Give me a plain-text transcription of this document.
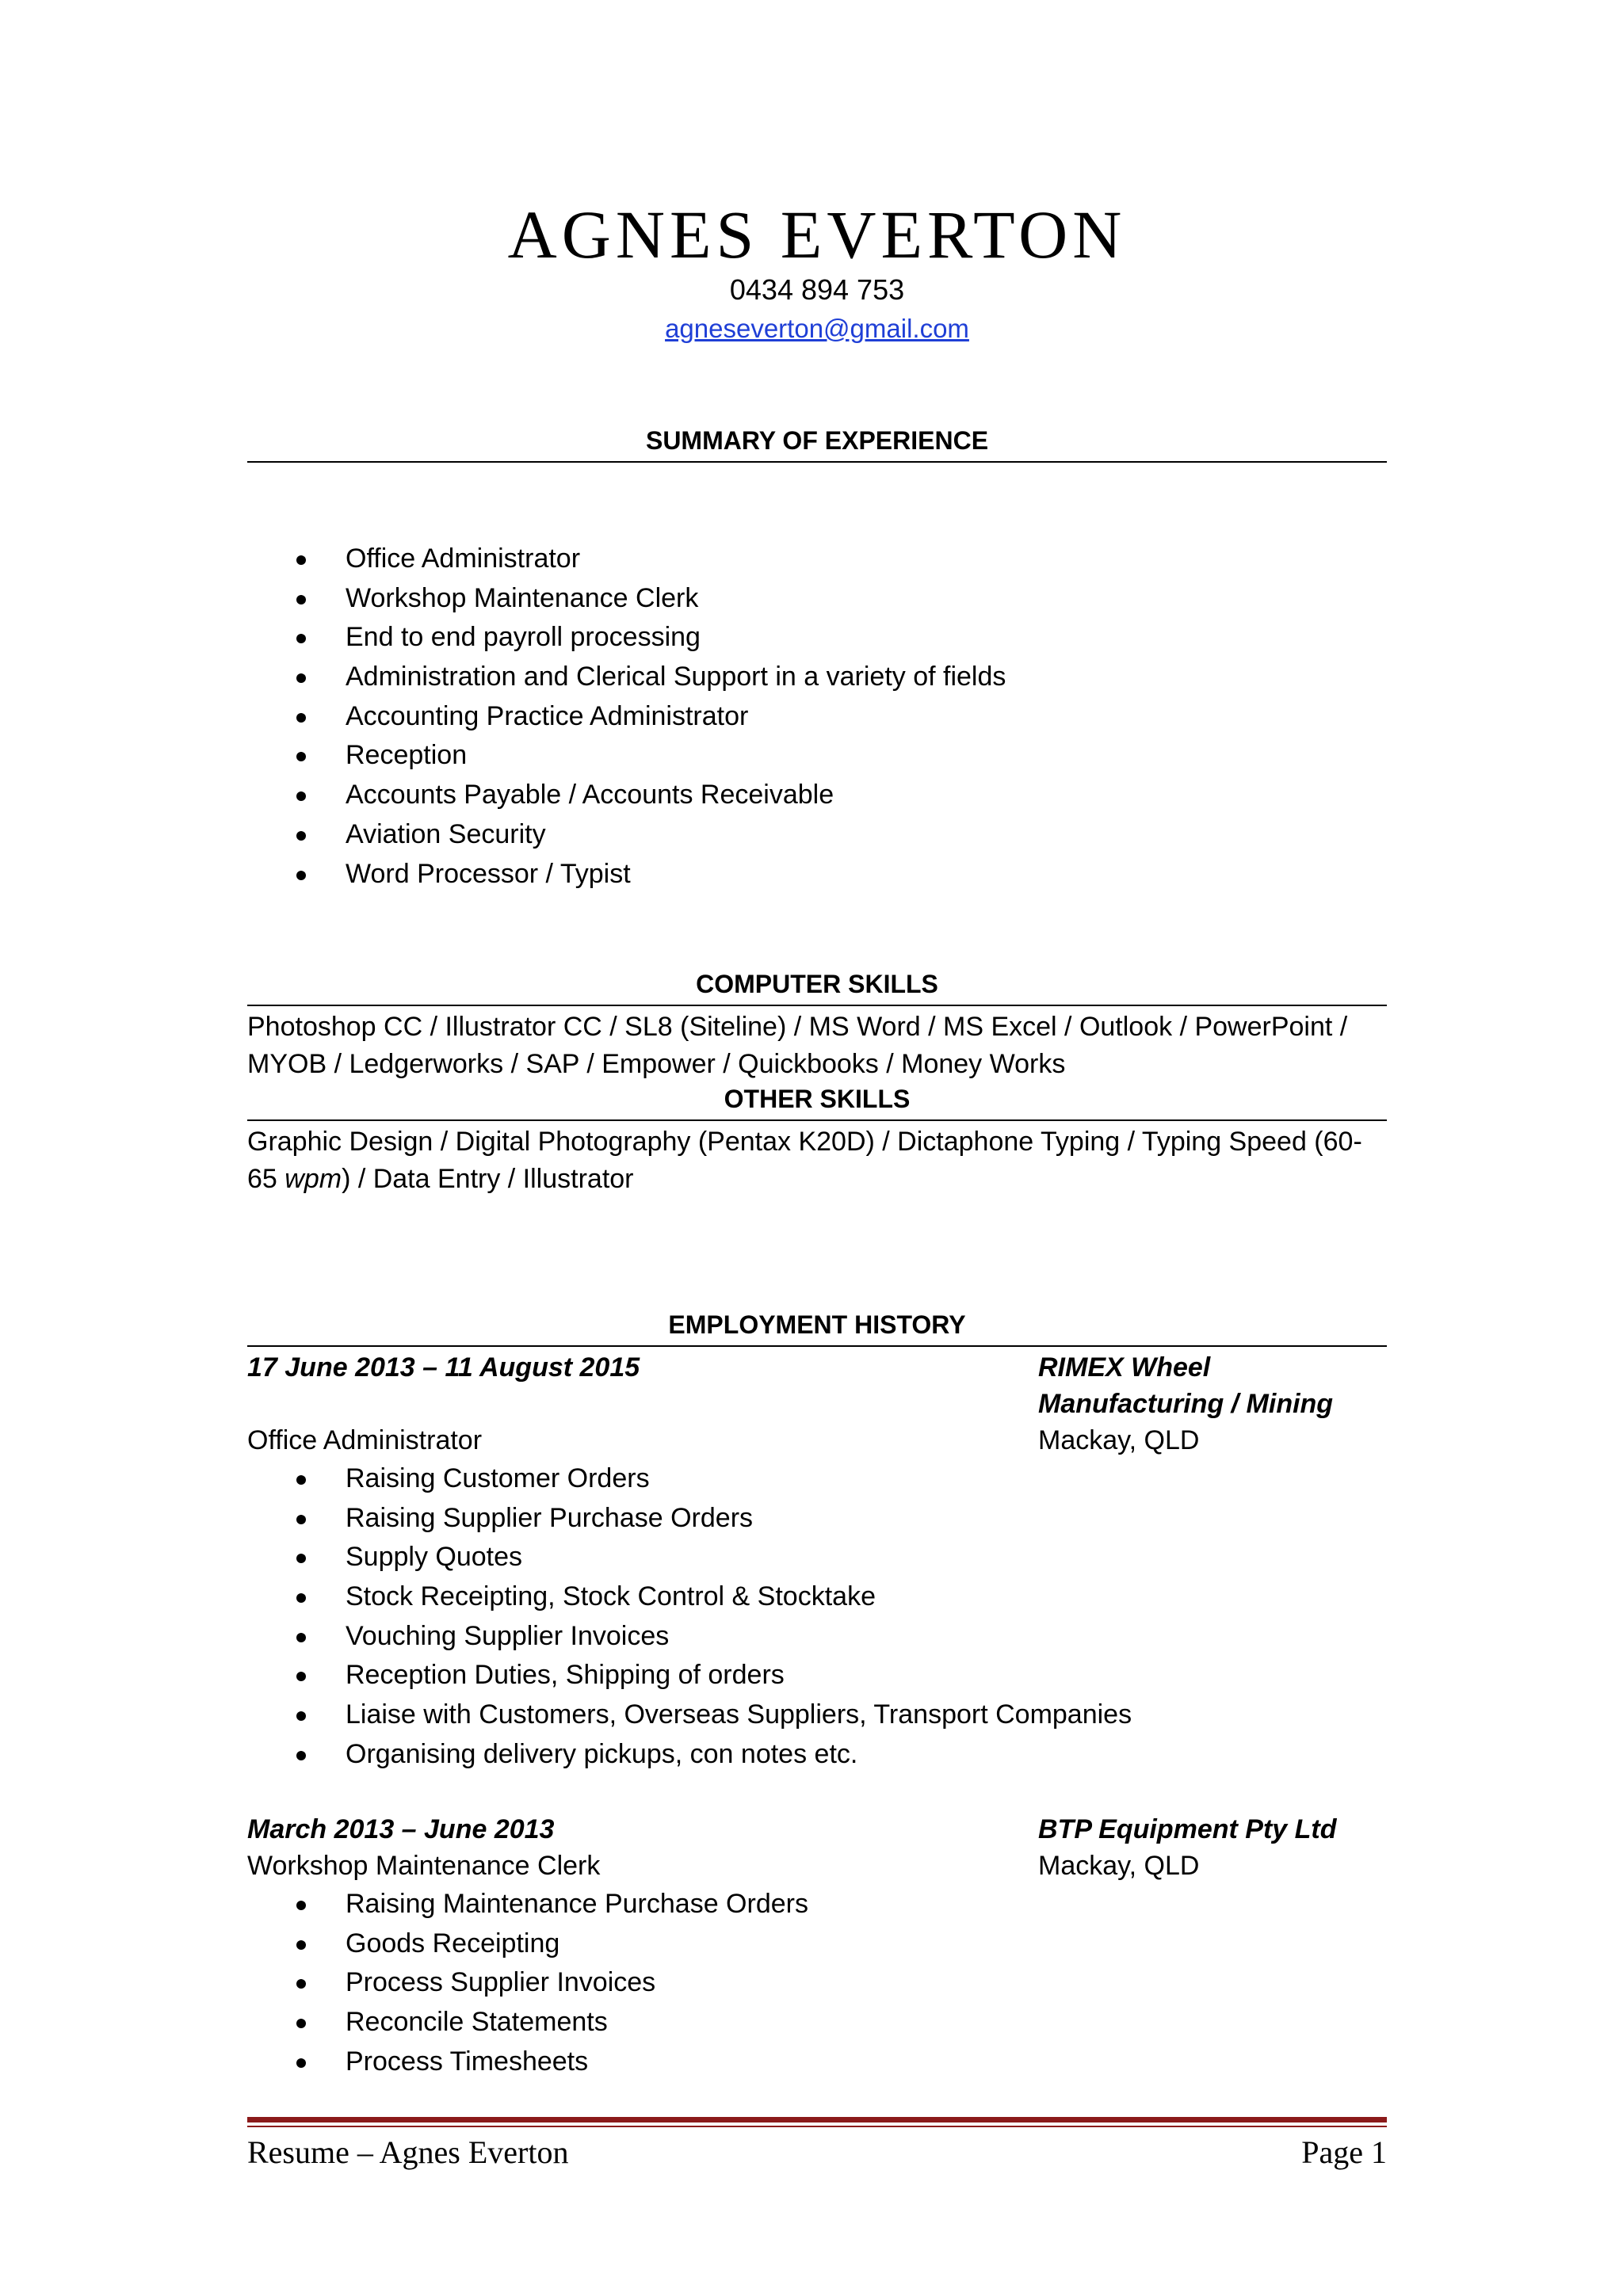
AGNES EVERTON
0434 894 753
agneseverton@gmail.com
SUMMARY OF EXPERIENCE
Office Administrator
Workshop Maintenance Clerk
End to end payroll processing
Administration and Clerical Support in a variety of fields
Accounting Practice Administrator
Reception
Accounts Payable / Accounts Receivable
Aviation Security
Word Processor / Typist
COMPUTER SKILLS
Photoshop CC / Illustrator CC / SL8 (Siteline) / MS Word / MS Excel / Outlook / PowerPoint /
MYOB / Ledgerworks / SAP / Empower / Quickbooks / Money Works
OTHER SKILLS
Graphic Design / Digital Photography (Pentax K20D) / Dictaphone Typing / Typing Speed (60-
65 wpm) / Data Entry / Illustrator
EMPLOYMENT HISTORY
17 June 2013 – 11 August 2015	RIMEX Wheel
Manufacturing / Mining
Office Administrator	Mackay, QLD
Raising Customer Orders
Raising Supplier Purchase Orders
Supply Quotes
Stock Receipting, Stock Control & Stocktake
Vouching Supplier Invoices
Reception Duties, Shipping of orders
Liaise with Customers, Overseas Suppliers, Transport Companies
Organising delivery pickups, con notes etc.
March 2013 – June 2013	BTP Equipment Pty Ltd
Workshop Maintenance Clerk	Mackay, QLD
Raising Maintenance Purchase Orders
Goods Receipting
Process Supplier Invoices
Reconcile Statements
Process Timesheets
Resume – Agnes Everton	Page 1
